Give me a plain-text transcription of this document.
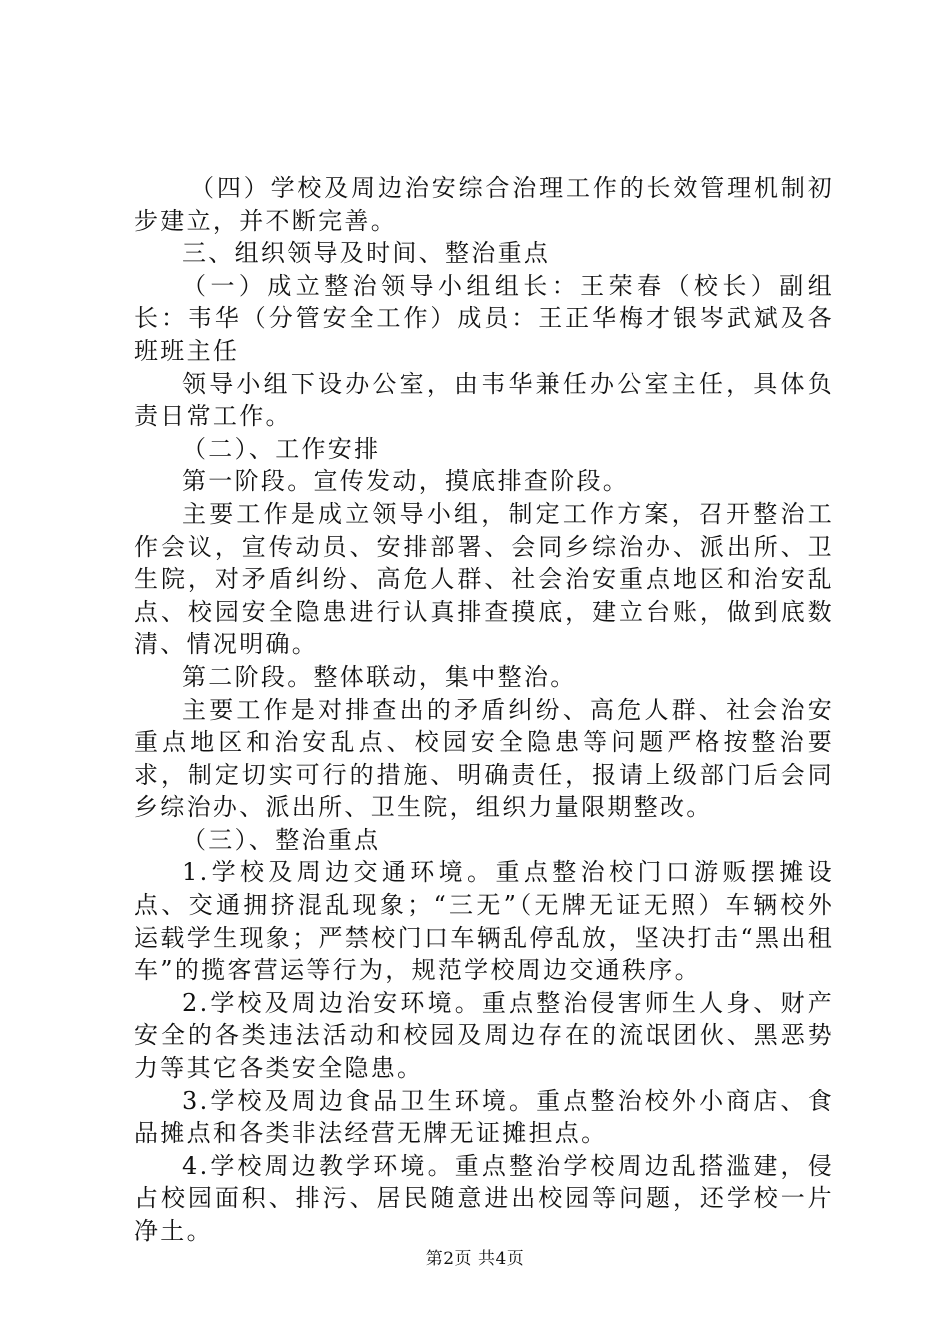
（四）学校及周边治安综合治理工作的长效管理机制初步建立，并不断完善。

三、组织领导及时间、整治重点

（一）成立整治领导小组组长：王荣春（校长）副组长：韦华（分管安全工作）成员：王正华梅才银岑武斌及各班班主任

领导小组下设办公室，由韦华兼任办公室主任，具体负责日常工作。

（二）、工作安排

第一阶段。宣传发动，摸底排查阶段。

主要工作是成立领导小组，制定工作方案，召开整治工作会议，宣传动员、安排部署、会同乡综治办、派出所、卫生院，对矛盾纠纷、高危人群、社会治安重点地区和治安乱点、校园安全隐患进行认真排查摸底，建立台账，做到底数清、情况明确。

第二阶段。整体联动，集中整治。

主要工作是对排查出的矛盾纠纷、高危人群、社会治安重点地区和治安乱点、校园安全隐患等问题严格按整治要求，制定切实可行的措施、明确责任，报请上级部门后会同乡综治办、派出所、卫生院，组织力量限期整改。

（三）、整治重点

1.学校及周边交通环境。重点整治校门口游贩摆摊设点、交通拥挤混乱现象；“三无”（无牌无证无照）车辆校外运载学生现象；严禁校门口车辆乱停乱放，坚决打击“黑出租车”的揽客营运等行为，规范学校周边交通秩序。

2.学校及周边治安环境。重点整治侵害师生人身、财产安全的各类违法活动和校园及周边存在的流氓团伙、黑恶势力等其它各类安全隐患。

3.学校及周边食品卫生环境。重点整治校外小商店、食品摊点和各类非法经营无牌无证摊担点。

4.学校周边教学环境。重点整治学校周边乱搭滥建，侵占校园面积、排污、居民随意进出校园等问题，还学校一片净土。

第2页 共4页
